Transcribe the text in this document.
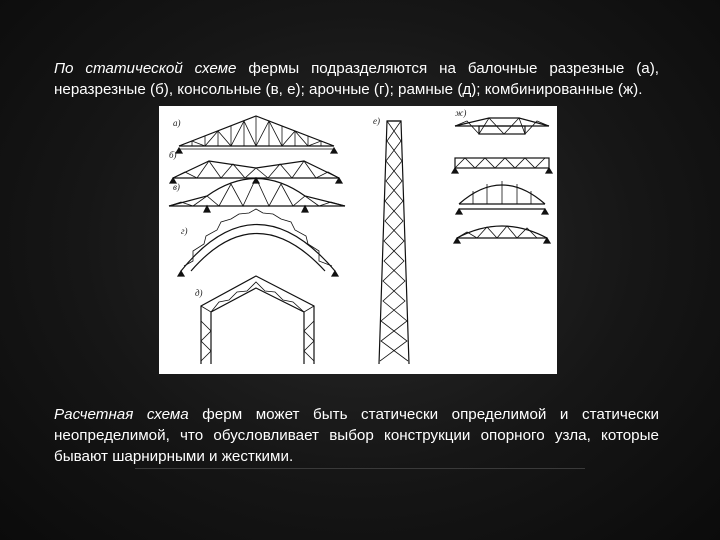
По статической схеме фермы подразделяются на балочные разрезные (а), неразрезные (б), консольные (в, е); арочные (г); рамные (д); комбинированные (ж).
а)
б)
в)
г)
д)
е)
ж)
Расчетная схема ферм может быть статически определимой и статически неопределимой, что обусловливает выбор конструкции опорного узла, которые бывают шарнирными и жесткими.
